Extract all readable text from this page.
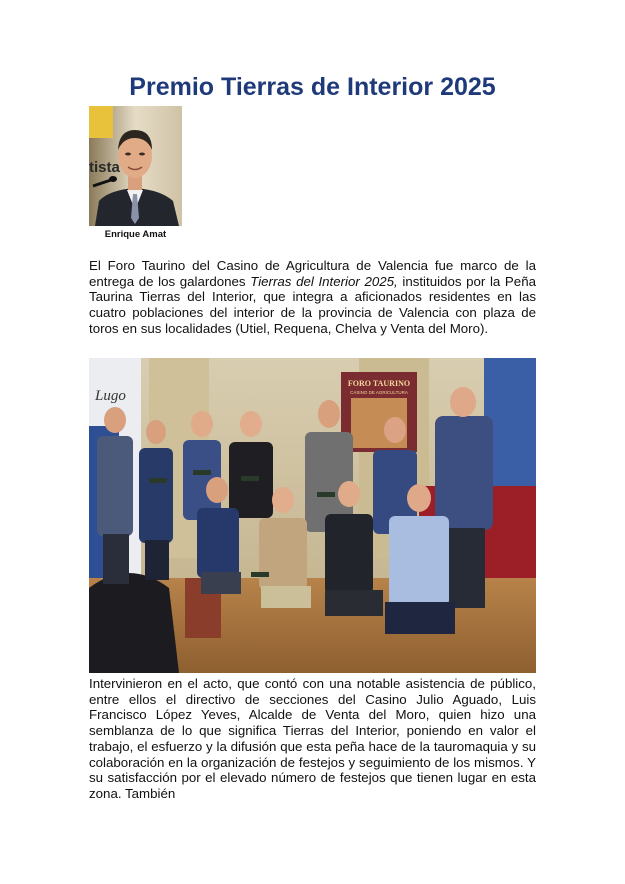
Premio Tierras de Interior 2025
tista
Enrique Amat

El Foro Taurino del Casino de Agricultura de Valencia fue marco de la entrega de los galardones Tierras del Interior 2025, instituidos por la Peña Taurina Tierras del Interior, que integra a aficionados residentes en las cuatro poblaciones del interior de la provincia de Valencia con plaza de toros en sus localidades (Utiel, Requena, Chelva y Venta del Moro).

Lugo
FORO TAURINO
CASINO DE AGRICULTURA

Intervinieron en el acto, que contó con una notable asistencia de público, entre ellos el directivo de secciones del Casino Julio Aguado, Luis Francisco López Yeves, Alcalde de Venta del Moro, quien hizo una semblanza de lo que significa Tierras del Interior, poniendo en valor el trabajo, el esfuerzo y la difusión que esta peña hace de la tauromaquia y su colaboración en la organización de festejos y seguimiento de los mismos. Y su satisfacción por el elevado número de festejos que tienen lugar en esta zona. También
